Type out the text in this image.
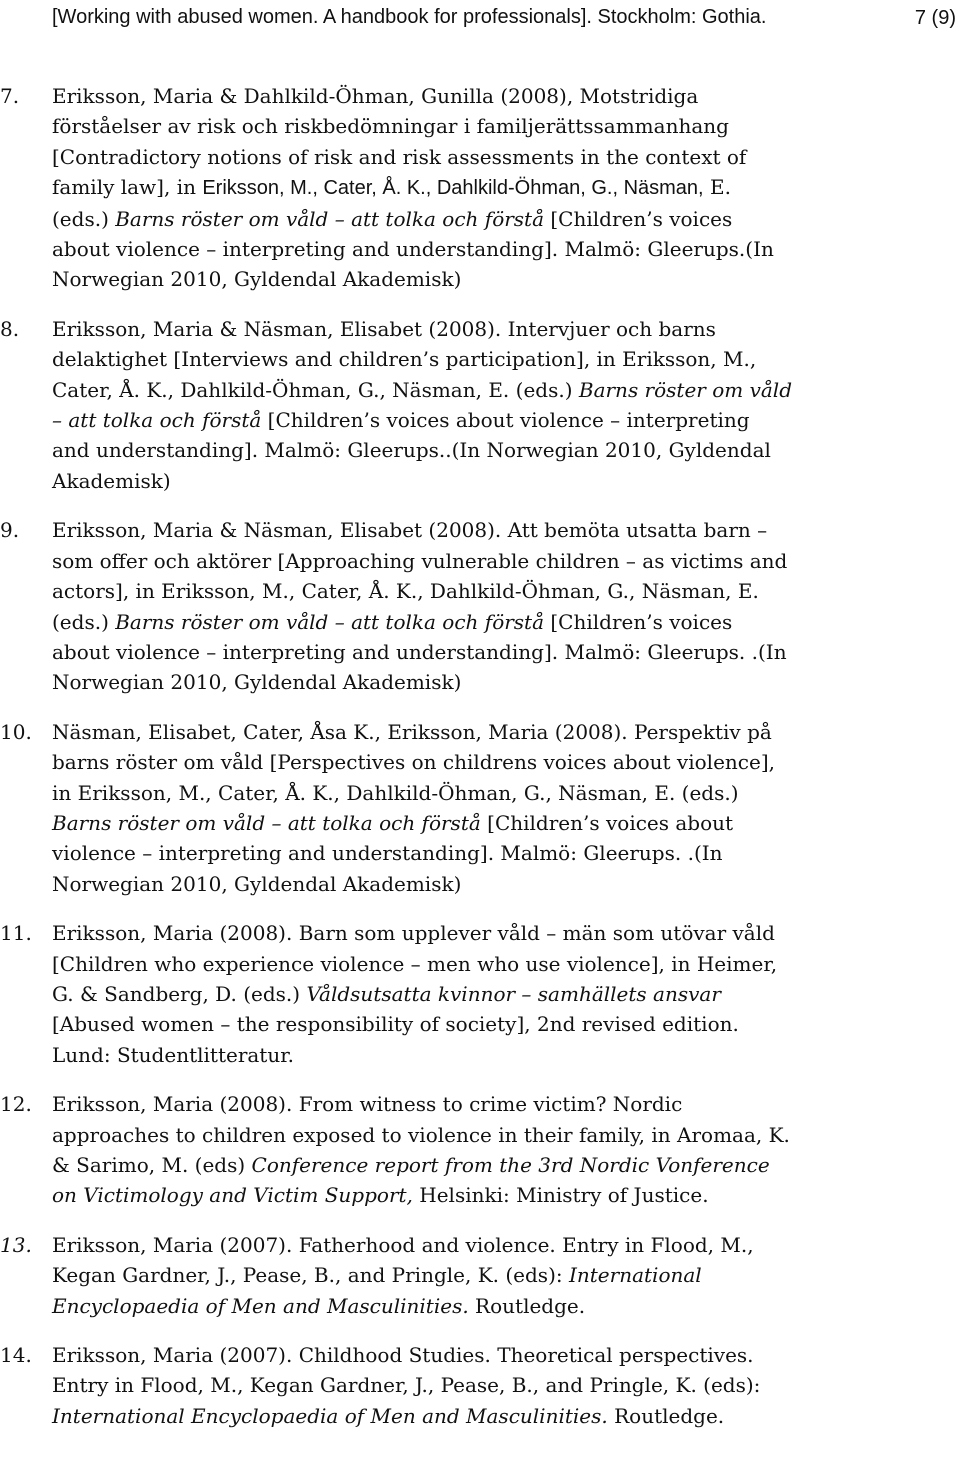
7 (9)
[Working with abused women. A handbook for professionals]. Stockholm: Gothia.
7. Eriksson, Maria & Dahlkild-Öhman, Gunilla (2008), Motstridiga förståelser av risk och riskbedömningar i familjerättssammanhang [Contradictory notions of risk and risk assessments in the context of family law], in Eriksson, M., Cater, Å. K., Dahlkild-Öhman, G., Näsman, E. (eds.) Barns röster om våld – att tolka och förstå [Children’s voices about violence – interpreting and understanding]. Malmö: Gleerups.(In Norwegian 2010, Gyldendal Akademisk)
8. Eriksson, Maria & Näsman, Elisabet (2008). Intervjuer och barns delaktighet [Interviews and children’s participation], in Eriksson, M., Cater, Å. K., Dahlkild-Öhman, G., Näsman, E. (eds.) Barns röster om våld – att tolka och förstå [Children’s voices about violence – interpreting and understanding]. Malmö: Gleerups..(In Norwegian 2010, Gyldendal Akademisk)
9. Eriksson, Maria & Näsman, Elisabet (2008). Att bemöta utsatta barn – som offer och aktörer [Approaching vulnerable children – as victims and actors], in Eriksson, M., Cater, Å. K., Dahlkild-Öhman, G., Näsman, E. (eds.) Barns röster om våld – att tolka och förstå [Children’s voices about violence – interpreting and understanding]. Malmö: Gleerups. .(In Norwegian 2010, Gyldendal Akademisk)
10. Näsman, Elisabet, Cater, Åsa K., Eriksson, Maria (2008). Perspektiv på barns röster om våld [Perspectives on childrens voices about violence], in Eriksson, M., Cater, Å. K., Dahlkild-Öhman, G., Näsman, E. (eds.) Barns röster om våld – att tolka och förstå [Children’s voices about violence – interpreting and understanding]. Malmö: Gleerups. .(In Norwegian 2010, Gyldendal Akademisk)
11. Eriksson, Maria (2008). Barn som upplever våld – män som utövar våld [Children who experience violence – men who use violence], in Heimer, G. & Sandberg, D. (eds.) Våldsutsatta kvinnor – samhällets ansvar [Abused women – the responsibility of society], 2nd revised edition. Lund: Studentlitteratur.
12. Eriksson, Maria (2008). From witness to crime victim? Nordic approaches to children exposed to violence in their family, in Aromaa, K. & Sarimo, M. (eds) Conference report from the 3rd Nordic Vonference on Victimology and Victim Support, Helsinki: Ministry of Justice.
13. Eriksson, Maria (2007). Fatherhood and violence. Entry in Flood, M., Kegan Gardner, J., Pease, B., and Pringle, K. (eds): International Encyclopaedia of Men and Masculinities. Routledge.
14. Eriksson, Maria (2007). Childhood Studies. Theoretical perspectives. Entry in Flood, M., Kegan Gardner, J., Pease, B., and Pringle, K. (eds): International Encyclopaedia of Men and Masculinities. Routledge.
